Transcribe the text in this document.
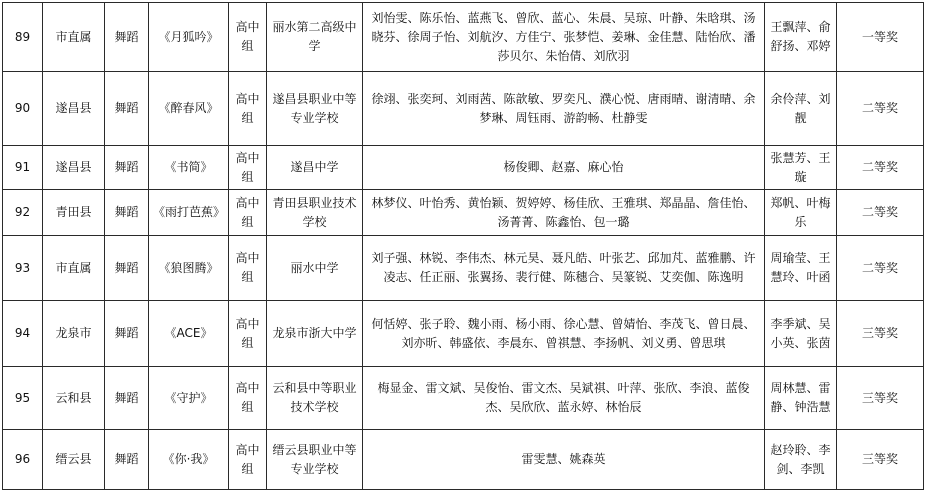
89	市直属	舞蹈	《月狐吟》	高中组	丽水第二高级中学	刘怡雯、陈乐怡、蓝燕飞、曾欣、蓝心、朱晨、吴琼、叶静、朱晗琪、汤晓芬、徐周子怡、刘航汐、方佳宁、张梦恺、姜琳、金佳慧、陆怡欣、潘莎贝尔、朱怡倩、刘欣羽	王飘萍、俞舒扬、邓婷	一等奖
90	遂昌县	舞蹈	《醉春风》	高中组	遂昌县职业中等专业学校	徐翊、张奕珂、刘雨茜、陈歆敏、罗奕凡、濮心悦、唐雨晴、谢清晴、余梦琳、周钰雨、游韵畅、杜静雯	余伶萍、刘靓	二等奖
91	遂昌县	舞蹈	《书简》	高中组	遂昌中学	杨俊卿、赵嘉、麻心怡	张慧芳、王璇	二等奖
92	青田县	舞蹈	《雨打芭蕉》	高中组	青田县职业技术学校	林梦仪、叶怡秀、黄怡颖、贺婷婷、杨佳欣、王雅琪、郑晶晶、詹佳怡、汤菁菁、陈鑫怡、包一璐	郑帆、叶梅乐	二等奖
93	市直属	舞蹈	《狼图腾》	高中组	丽水中学	刘子强、林锐、李伟杰、林元昊、聂凡皓、叶张艺、邱加芃、蓝雅鹏、许凌志、任正丽、张翼扬、裴行健、陈穗合、吴篆锐、艾奕伽、陈逸明	周瑜莹、王慧玲、叶函	二等奖
94	龙泉市	舞蹈	《ACE》	高中组	龙泉市浙大中学	何恬婷、张子聆、魏小雨、杨小雨、徐心慧、曾婧怡、李茂飞、曾日晨、刘亦昕、韩盛依、李晨东、曾祺慧、李扬帆、刘义勇、曾思琪	李季斌、吴小英、张茵	三等奖
95	云和县	舞蹈	《守护》	高中组	云和县中等职业技术学校	梅显金、雷文斌、吴俊怡、雷文杰、吴斌祺、叶萍、张欣、李浪、蓝俊杰、吴欣欣、蓝永婷、林怡辰	周林慧、雷静、钟浩慧	三等奖
96	缙云县	舞蹈	《你·我》	高中组	缙云县职业中等专业学校	雷雯慧、姚森英	赵玲聆、李剑、李凯	三等奖
